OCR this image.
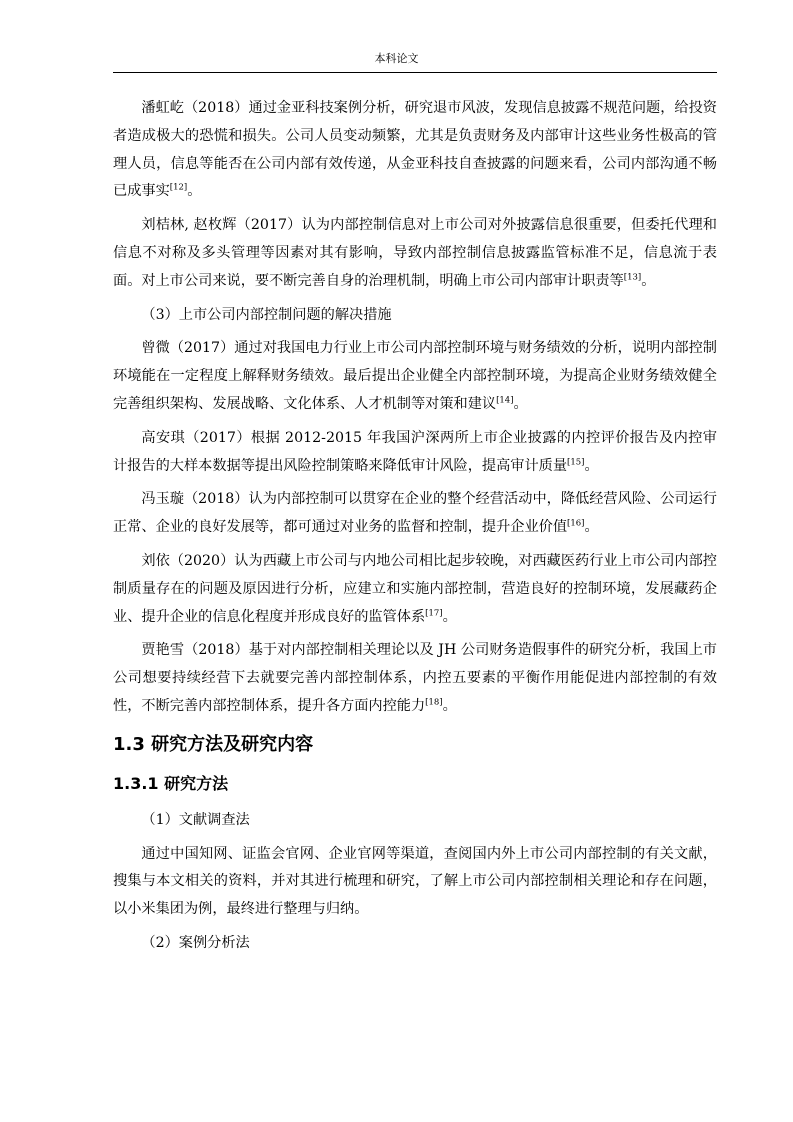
本科论文

潘虹屹（2018）通过金亚科技案例分析，研究退市风波，发现信息披露不规范问题，给投资者造成极大的恐慌和损失。公司人员变动频繁，尤其是负责财务及内部审计这些业务性极高的管理人员，信息等能否在公司内部有效传递，从金亚科技自查披露的问题来看，公司内部沟通不畅已成事实[12]。

刘桔林, 赵枚辉（2017）认为内部控制信息对上市公司对外披露信息很重要，但委托代理和信息不对称及多头管理等因素对其有影响，导致内部控制信息披露监管标准不足，信息流于表面。对上市公司来说，要不断完善自身的治理机制，明确上市公司内部审计职责等[13]。

（3）上市公司内部控制问题的解决措施

曾微（2017）通过对我国电力行业上市公司内部控制环境与财务绩效的分析，说明内部控制环境能在一定程度上解释财务绩效。最后提出企业健全内部控制环境，为提高企业财务绩效健全完善组织架构、发展战略、文化体系、人才机制等对策和建议[14]。

高安琪（2017）根据 2012-2015 年我国沪深两所上市企业披露的内控评价报告及内控审计报告的大样本数据等提出风险控制策略来降低审计风险，提高审计质量[15]。

冯玉璇（2018）认为内部控制可以贯穿在企业的整个经营活动中，降低经营风险、公司运行正常、企业的良好发展等，都可通过对业务的监督和控制，提升企业价值[16]。

刘依（2020）认为西藏上市公司与内地公司相比起步较晚，对西藏医药行业上市公司内部控制质量存在的问题及原因进行分析，应建立和实施内部控制，营造良好的控制环境，发展藏药企业、提升企业的信息化程度并形成良好的监管体系[17]。

贾艳雪（2018）基于对内部控制相关理论以及 JH 公司财务造假事件的研究分析，我国上市公司想要持续经营下去就要完善内部控制体系，内控五要素的平衡作用能促进内部控制的有效性，不断完善内部控制体系，提升各方面内控能力[18]。

1.3 研究方法及研究内容
1.3.1 研究方法

（1）文献调查法

通过中国知网、证监会官网、企业官网等渠道，查阅国内外上市公司内部控制的有关文献，搜集与本文相关的资料，并对其进行梳理和研究，了解上市公司内部控制相关理论和存在问题，以小米集团为例，最终进行整理与归纳。

（2）案例分析法
